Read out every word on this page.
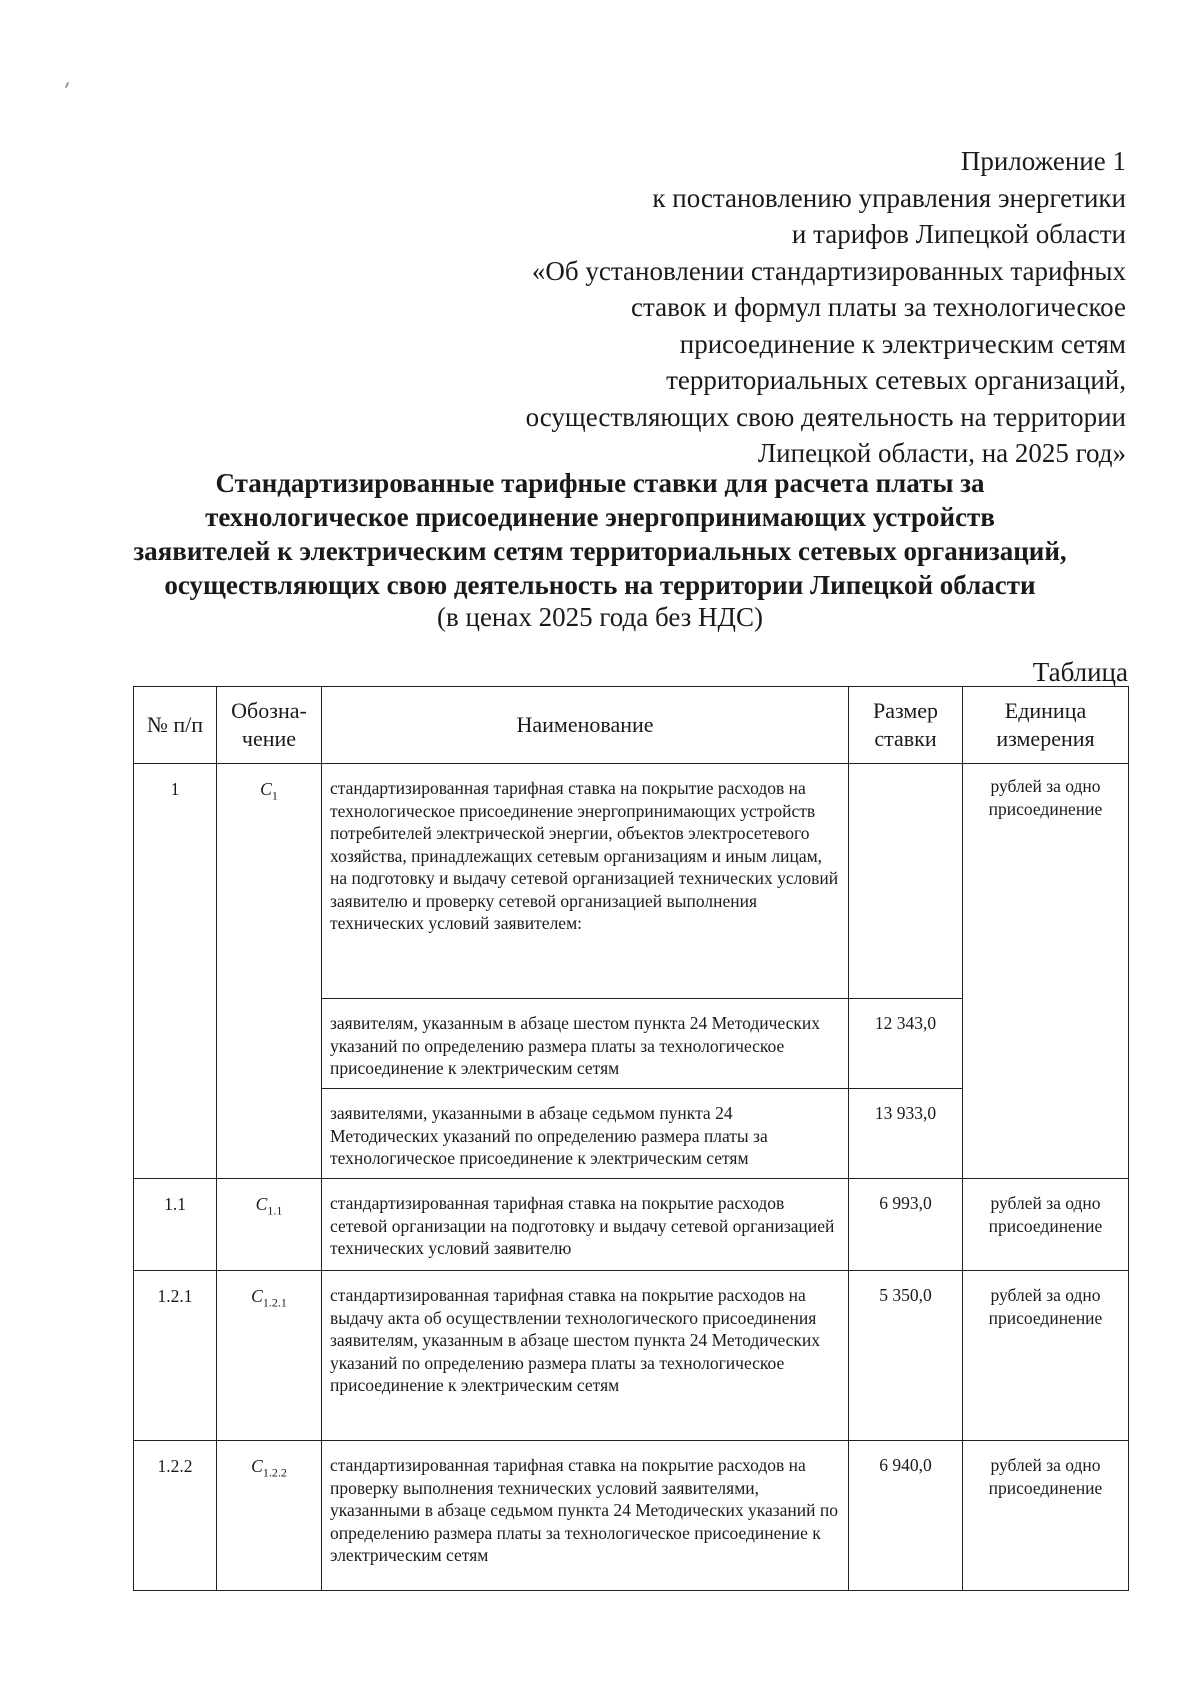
Приложение 1
к постановлению управления энергетики
и тарифов Липецкой области
«Об установлении стандартизированных тарифных
ставок и формул платы за технологическое
присоединение к электрическим сетям
территориальных сетевых организаций,
осуществляющих свою деятельность на территории
Липецкой области, на 2025 год»
Стандартизированные тарифные ставки для расчета платы за
технологическое присоединение энергопринимающих устройств
заявителей к электрическим сетям территориальных сетевых организаций,
осуществляющих свою деятельность на территории Липецкой области
(в ценах 2025 года без НДС)
Таблица
№ п/п	Обозна- чение	Наименование	Размер ставки	Единица измерения
1	$C_1$	стандартизированная тарифная ставка на покрытие расходов на технологическое присоединение энергопринимающих устройств потребителей электрической энергии, объектов электросетевого хозяйства, принадлежащих сетевым организациям и иным лицам, на подготовку и выдачу сетевой организацией технических условий заявителю и проверку сетевой организацией выполнения технических условий заявителем:		рублей за одно присоединение
		заявителям, указанным в абзаце шестом пункта 24 Методических указаний по определению размера платы за технологическое присоединение к электрическим сетям	12 343,0	
		заявителями, указанными в абзаце седьмом пункта 24 Методических указаний по определению размера платы за технологическое присоединение к электрическим сетям	13 933,0	
1.1	$C_{1.1}$	стандартизированная тарифная ставка на покрытие расходов сетевой организации на подготовку и выдачу сетевой организацией технических условий заявителю	6 993,0	рублей за одно присоединение
1.2.1	$C_{1.2.1}$	стандартизированная тарифная ставка на покрытие расходов на выдачу акта об осуществлении технологического присоединения заявителям, указанным в абзаце шестом пункта 24 Методических указаний по определению размера платы за технологическое присоединение к электрическим сетям	5 350,0	рублей за одно присоединение
1.2.2	$C_{1.2.2}$	стандартизированная тарифная ставка на покрытие расходов на проверку выполнения технических условий заявителями, указанными в абзаце седьмом пункта 24 Методических указаний по определению размера платы за технологическое присоединение к электрическим сетям	6 940,0	рублей за одно присоединение
